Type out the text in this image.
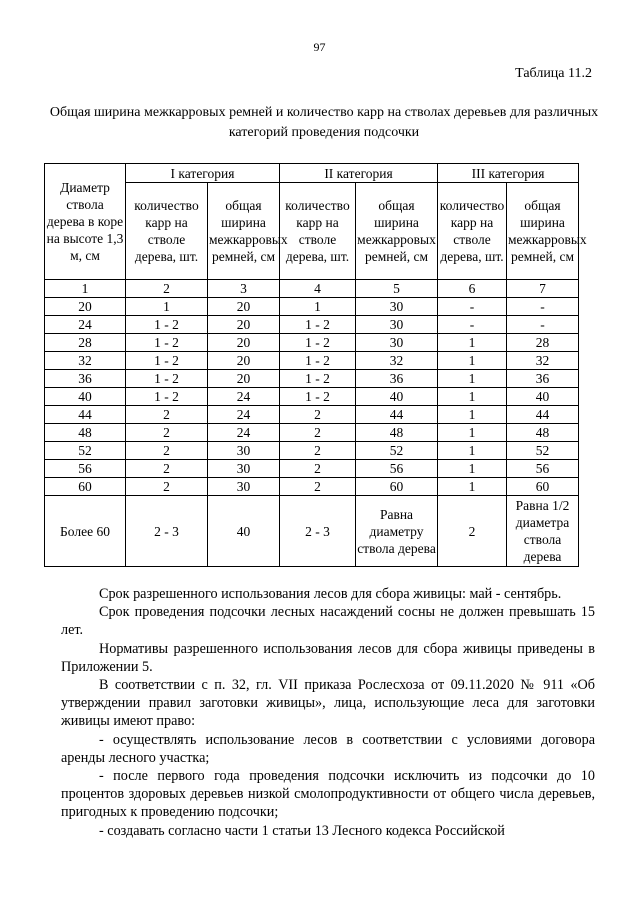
97
Таблица 11.2
Общая ширина межкарровых ремней и количество карр на стволах деревьев для различных категорий проведения подсочки
Диаметр ствола дерева в коре на высоте 1,3 м, см	I категория		II категория		III категория	
	количество карр на стволе дерева, шт.	общая ширина межкарровых ремней, см	количество карр на стволе дерева, шт.	общая ширина межкарровых ремней, см	количество карр на стволе дерева, шт.	общая ширина межкарровых ремней, см
1	2	3	4	5	6	7
20	1	20	1	30	-	-
24	1 - 2	20	1 - 2	30	-	-
28	1 - 2	20	1 - 2	30	1	28
32	1 - 2	20	1 - 2	32	1	32
36	1 - 2	20	1 - 2	36	1	36
40	1 - 2	24	1 - 2	40	1	40
44	2	24	2	44	1	44
48	2	24	2	48	1	48
52	2	30	2	52	1	52
56	2	30	2	56	1	56
60	2	30	2	60	1	60
Более 60	2 - 3	40	2 - 3	Равна диаметру ствола дерева	2	Равна 1/2 диаметра ствола дерева

Срок разрешенного использования лесов для сбора живицы: май - сентябрь.

Срок проведения подсочки лесных насаждений сосны не должен превышать 15 лет.

Нормативы разрешенного использования лесов для сбора живицы приведены в Приложении 5.

В соответствии с п. 32, гл. VII приказа Рослесхоза от 09.11.2020 № 911 «Об утверждении правил заготовки живицы», лица, использующие леса для заготовки живицы имеют право:

- осуществлять использование лесов в соответствии с условиями договора аренды лесного участка;

- после первого года проведения подсочки исключить из подсочки до 10 процентов здоровых деревьев низкой смолопродуктивности от общего числа деревьев, пригодных к проведению подсочки;

- создавать согласно части 1 статьи 13 Лесного кодекса Российской
